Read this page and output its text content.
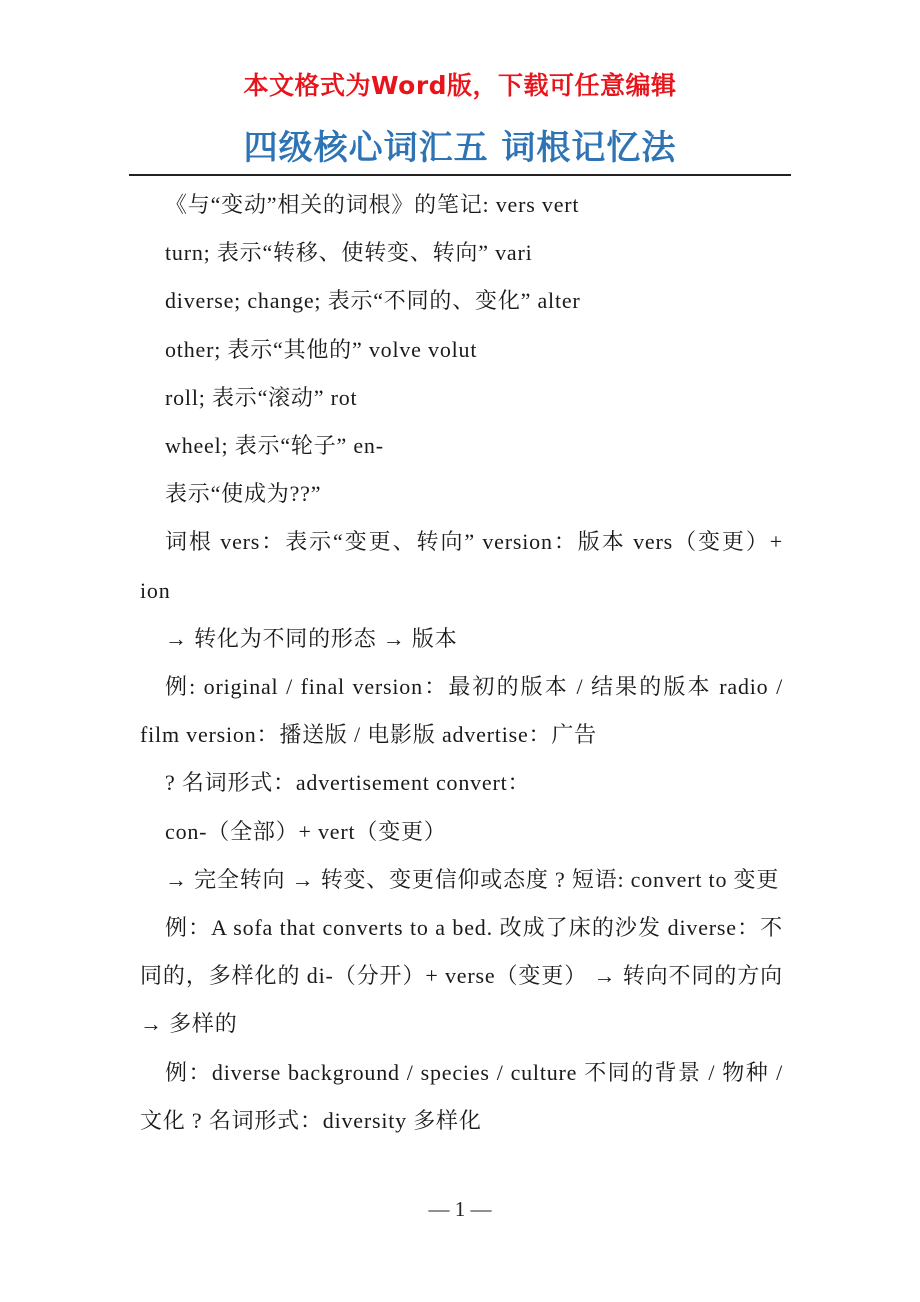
本文格式为Word版，下载可任意编辑
四级核心词汇五 词根记忆法

《与“变动”相关的词根》的笔记: vers vert

turn; 表示“转移、使转变、转向” vari

diverse; change; 表示“不同的、变化” alter

other; 表示“其他的” volve volut

roll; 表示“滚动” rot

wheel; 表示“轮子” en-

表示“使成为??”

词根 vers：表示“变更、转向” version：版本 vers（变更）+ ion

→ 转化为不同的形态 → 版本

例: original / final version：最初的版本 / 结果的版本 radio / film version：播送版 / 电影版 advertise：广告

? 名词形式：advertisement convert：

con-（全部）+ vert（变更）

→ 完全转向 → 转变、变更信仰或态度 ? 短语: convert to 变更

例：A sofa that converts to a bed. 改成了床的沙发 diverse：不同的，多样化的 di-（分开）+ verse（变更） → 转向不同的方向 → 多样的

例：diverse background / species / culture 不同的背景 / 物种 / 文化 ? 名词形式：diversity 多样化

— 1 —
